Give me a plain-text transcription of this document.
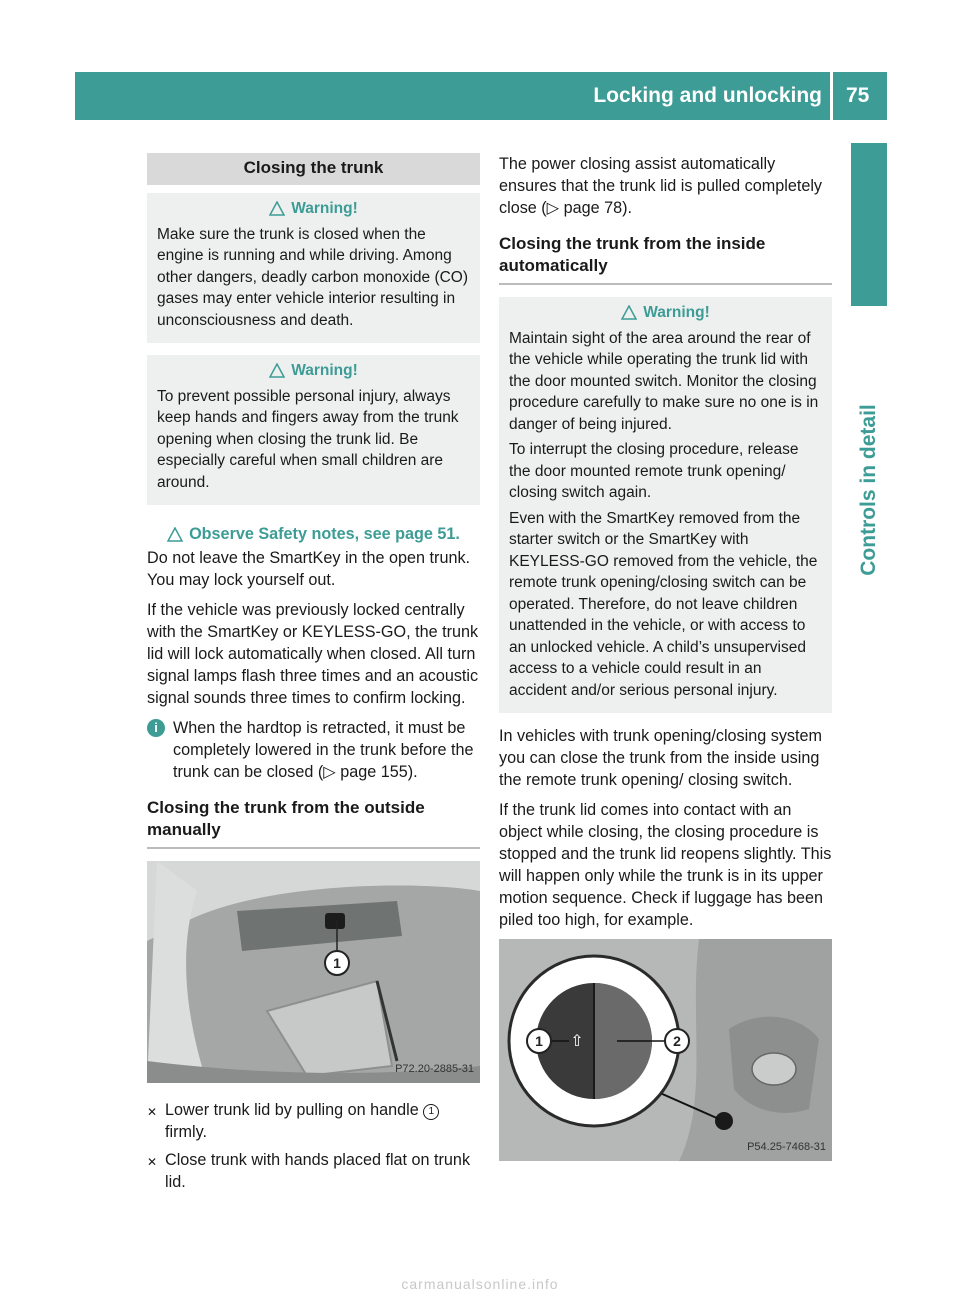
Locking and unlocking 75
Controls in detail
Closing the trunk
Warning!

Make sure the trunk is closed when the engine is running and while driving. Among other dangers, deadly carbon monoxide (CO) gases may enter vehicle interior resulting in unconsciousness and death.

Warning!

To prevent possible personal injury, always keep hands and fingers away from the trunk opening when closing the trunk lid. Be especially careful when small children are around.

Observe Safety notes, see page 51.

Do not leave the SmartKey in the open trunk. You may lock yourself out.

If the vehicle was previously locked centrally with the SmartKey or KEYLESS-GO, the trunk lid will lock automatically when closed. All turn signal lamps flash three times and an acoustic signal sounds three times to confirm locking.

i When the hardtop is retracted, it must be completely lowered in the trunk before the trunk can be closed (▷ page 155).
Closing the trunk from the outside manually
1
P72.20-2885-31
✕ Lower trunk lid by pulling on handle 1 firmly.
✕ Close trunk with hands placed flat on trunk lid.

The power closing assist automatically ensures that the trunk lid is pulled completely close (▷ page 78).

Closing the trunk from the inside automatically
Warning!

Maintain sight of the area around the rear of the vehicle while operating the trunk lid with the door mounted switch. Monitor the closing procedure carefully to make sure no one is in danger of being injured.

To interrupt the closing procedure, release the door mounted remote trunk opening/ closing switch again.

Even with the SmartKey removed from the starter switch or the SmartKey with KEYLESS-GO removed from the vehicle, the remote trunk opening/closing switch can be operated. Therefore, do not leave children unattended in the vehicle, or with access to an unlocked vehicle. A child’s unsupervised access to a vehicle could result in an accident and/or serious personal injury.

In vehicles with trunk opening/closing system you can close the trunk from the inside using the remote trunk opening/ closing switch.

If the trunk lid comes into contact with an object while closing, the closing procedure is stopped and the trunk lid reopens slightly. This will happen only while the trunk is in its upper motion sequence. Check if luggage has been piled too high, for example.

⇧
1	2
P54.25-7468-31
carmanualsonline.info
